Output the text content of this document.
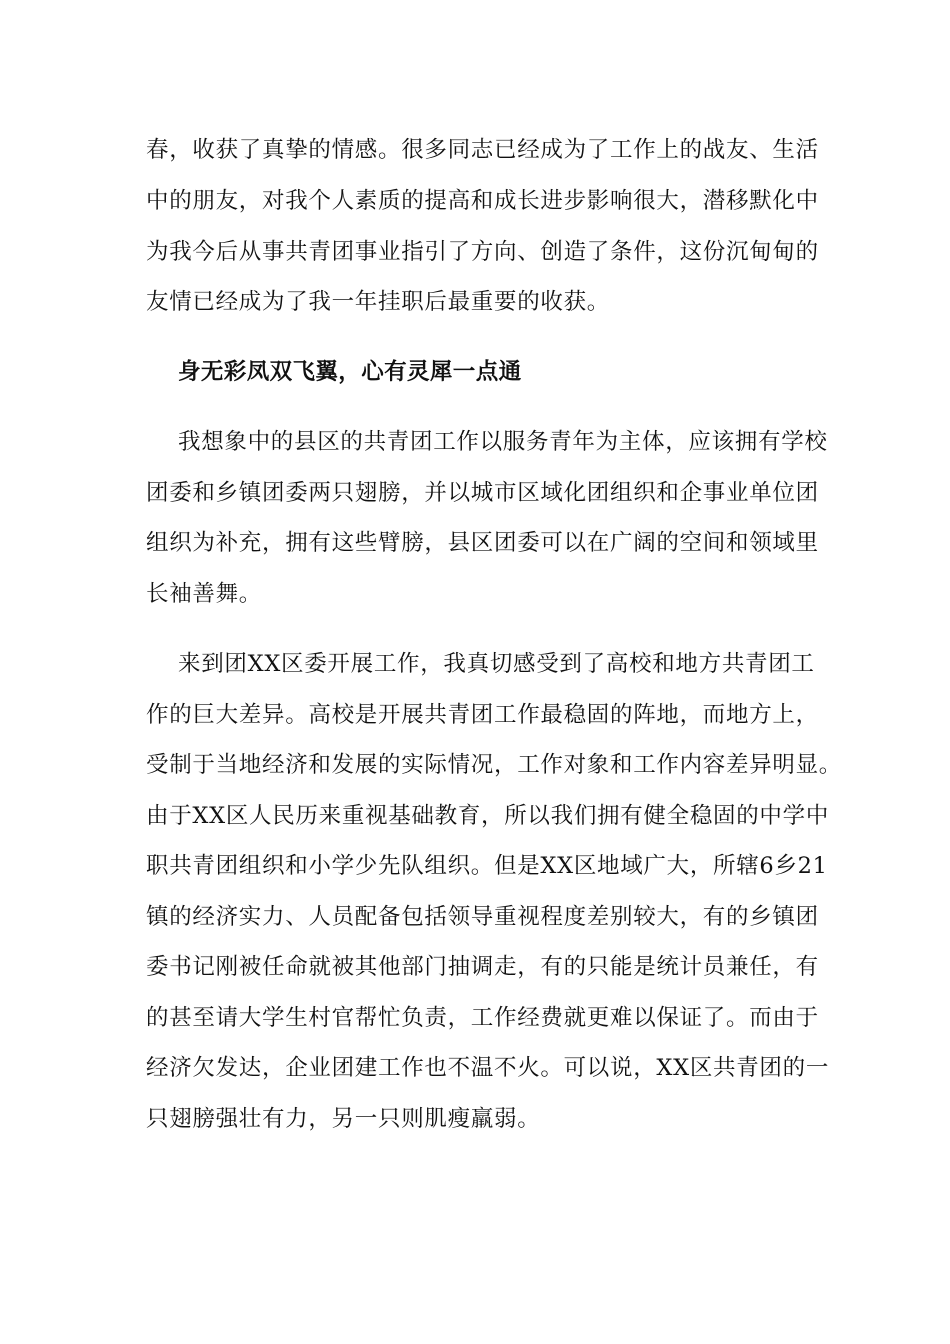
春，收获了真挚的情感。很多同志已经成为了工作上的战友、生活
中的朋友，对我个人素质的提高和成长进步影响很大，潜移默化中
为我今后从事共青团事业指引了方向、创造了条件，这份沉甸甸的
友情已经成为了我一年挂职后最重要的收获。
身无彩凤双飞翼，心有灵犀一点通
我想象中的县区的共青团工作以服务青年为主体，应该拥有学校
团委和乡镇团委两只翅膀，并以城市区域化团组织和企事业单位团
组织为补充，拥有这些臂膀，县区团委可以在广阔的空间和领域里
长袖善舞。
来到团XX区委开展工作，我真切感受到了高校和地方共青团工
作的巨大差异。高校是开展共青团工作最稳固的阵地，而地方上，
受制于当地经济和发展的实际情况，工作对象和工作内容差异明显。
由于XX区人民历来重视基础教育，所以我们拥有健全稳固的中学中
职共青团组织和小学少先队组织。但是XX区地域广大，所辖6乡21
镇的经济实力、人员配备包括领导重视程度差别较大，有的乡镇团
委书记刚被任命就被其他部门抽调走，有的只能是统计员兼任，有
的甚至请大学生村官帮忙负责，工作经费就更难以保证了。而由于
经济欠发达，企业团建工作也不温不火。可以说，XX区共青团的一
只翅膀强壮有力，另一只则肌瘦羸弱。
